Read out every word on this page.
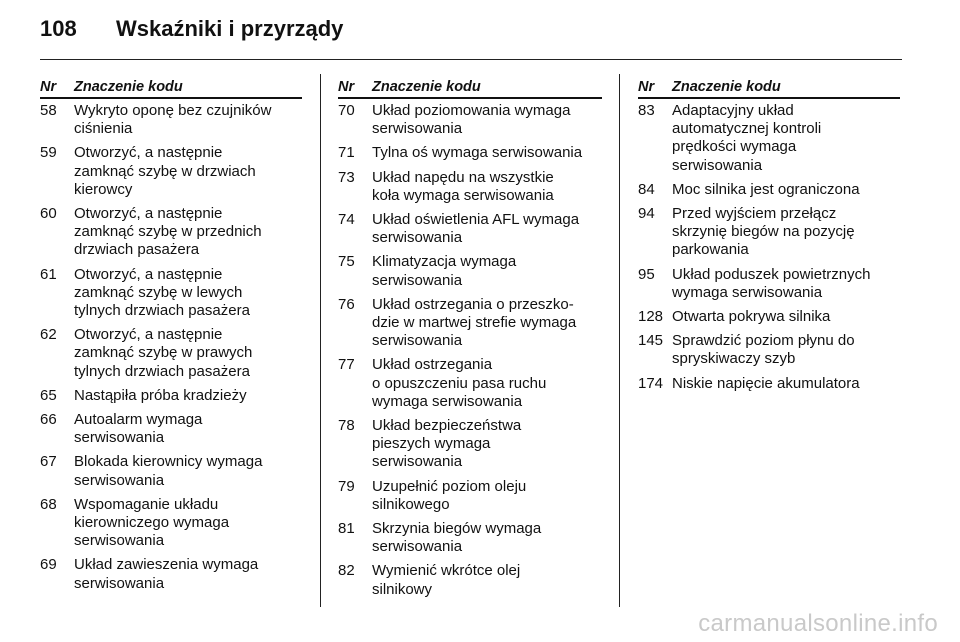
108	Wskaźniki i przyrządy
Nr	Znaczenie kodu
58	Wykryto oponę bez czujników
ciśnienia
59	Otworzyć, a następnie
zamknąć szybę w drzwiach
kierowcy
60	Otworzyć, a następnie
zamknąć szybę w przednich
drzwiach pasażera
61	Otworzyć, a następnie
zamknąć szybę w lewych
tylnych drzwiach pasażera
62	Otworzyć, a następnie
zamknąć szybę w prawych
tylnych drzwiach pasażera
65	Nastąpiła próba kradzieży
66	Autoalarm wymaga
serwisowania
67	Blokada kierownicy wymaga
serwisowania
68	Wspomaganie układu
kierowniczego wymaga
serwisowania
69	Układ zawieszenia wymaga
serwisowania
Nr	Znaczenie kodu
70	Układ poziomowania wymaga
serwisowania
71	Tylna oś wymaga serwisowania
73	Układ napędu na wszystkie
koła wymaga serwisowania
74	Układ oświetlenia AFL wymaga
serwisowania
75	Klimatyzacja wymaga
serwisowania
76	Układ ostrzegania o przeszko-
dzie w martwej strefie wymaga
serwisowania
77	Układ ostrzegania
o opuszczeniu pasa ruchu
wymaga serwisowania
78	Układ bezpieczeństwa
pieszych wymaga
serwisowania
79	Uzupełnić poziom oleju
silnikowego
81	Skrzynia biegów wymaga
serwisowania
82	Wymienić wkrótce olej
silnikowy
Nr	Znaczenie kodu
83	Adaptacyjny układ
automatycznej kontroli
prędkości wymaga
serwisowania
84	Moc silnika jest ograniczona
94	Przed wyjściem przełącz
skrzynię biegów na pozycję
parkowania
95	Układ poduszek powietrznych
wymaga serwisowania
128 Otwarta pokrywa silnika
145 Sprawdzić poziom płynu do
spryskiwaczy szyb
174 Niskie napięcie akumulatora
carmanualsonline.info
